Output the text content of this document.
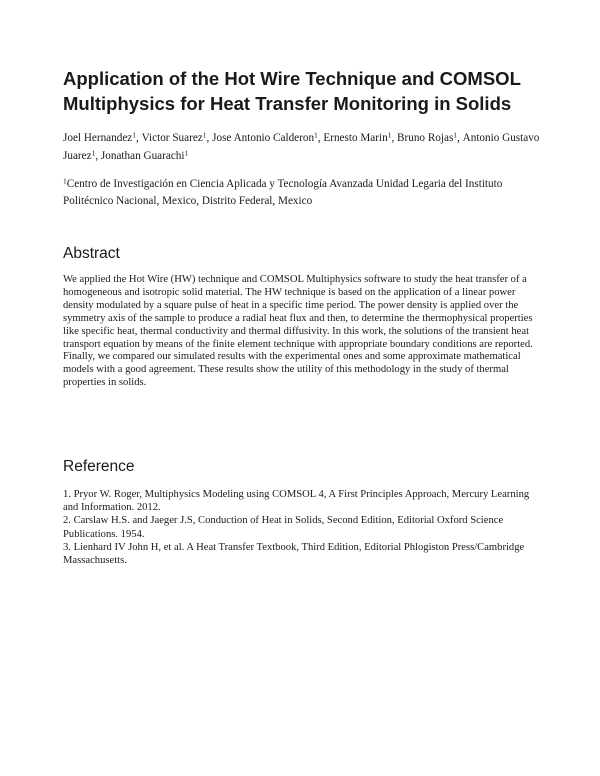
Application of the Hot Wire Technique and COMSOL Multiphysics for Heat Transfer Monitoring in Solids

Joel Hernandez$^1$, Victor Suarez$^1$, Jose Antonio Calderon$^1$, Ernesto Marin$^1$, Bruno Rojas$^1$, Antonio Gustavo Juarez$^1$, Jonathan Guarachi$^1$

$^1$Centro de Investigación en Ciencia Aplicada y Tecnología Avanzada Unidad Legaria del Instituto Politécnico Nacional, Mexico, Distrito Federal, Mexico

Abstract

We applied the Hot Wire (HW) technique and COMSOL Multiphysics software to study the heat transfer of a homogeneous and isotropic solid material. The HW technique is based on the application of a linear power density modulated by a square pulse of heat in a specific time period. The power density is applied over the symmetry axis of the sample to produce a radial heat flux and then, to determine the thermophysical properties like specific heat, thermal conductivity and thermal diffusivity. In this work, the solutions of the transient heat transport equation by means of the finite element technique with appropriate boundary conditions are reported. Finally, we compared our simulated results with the experimental ones and some approximate mathematical models with a good agreement. These results show the utility of this methodology in the study of thermal properties in solids.

Reference
1. Pryor W. Roger, Multiphysics Modeling using COMSOL 4, A First Principles Approach, Mercury Learning and Information. 2012.
2. Carslaw H.S. and Jaeger J.S, Conduction of Heat in Solids, Second Edition, Editorial Oxford Science Publications. 1954.
3. Lienhard IV John H, et al. A Heat Transfer Textbook, Third Edition, Editorial Phlogiston Press/Cambridge Massachusetts.
